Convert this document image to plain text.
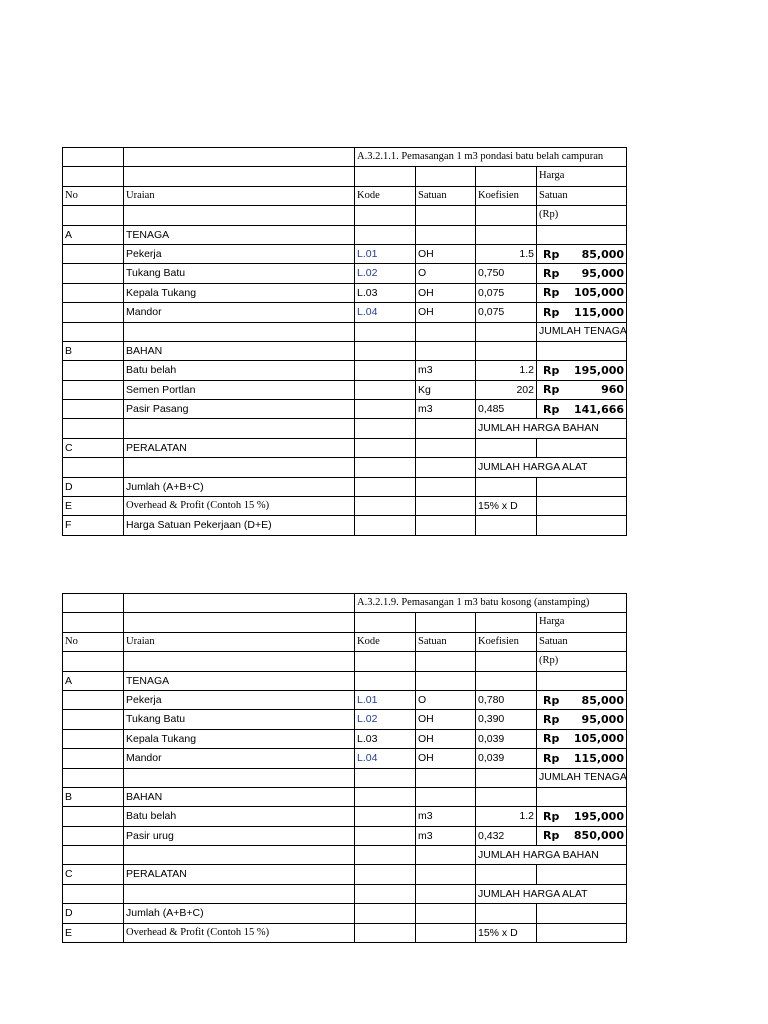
		A.3.2.1.1. Pemasangan 1 m3 pondasi batu belah campuran			
					Harga
No	Uraian	Kode	Satuan	Koefisien	Satuan
					(Rp)
A	TENAGA				
	Pekerja	L.01	OH	1.5	Rp 85,000

	Tukang Batu	L.02	O	0,750	Rp 95,000

	Kepala Tukang	L.03	OH	0,075	Rp 105,000

	Mandor	L.04	OH	0,075	Rp 115,000

					JUMLAH TENAGA
B	BAHAN				
	Batu belah		m3	1.2	Rp 195,000

	Semen Portlan		Kg	202	Rp 960

	Pasir Pasang		m3	0,485	Rp 141,666

				JUMLAH HARGA BAHAN	
C	PERALATAN				
				JUMLAH HARGA ALAT	
D	Jumlah (A+B+C)				
E	Overhead & Profit (Contoh 15 %)			15% x D	
F	Harga Satuan Pekerjaan (D+E)				
		A.3.2.1.9. Pemasangan 1 m3 batu kosong (anstamping)			
					Harga
No	Uraian	Kode	Satuan	Koefisien	Satuan
					(Rp)
A	TENAGA				
	Pekerja	L.01	O	0,780	Rp 85,000

	Tukang Batu	L.02	OH	0,390	Rp 95,000

	Kepala Tukang	L.03	OH	0,039	Rp 105,000

	Mandor	L.04	OH	0,039	Rp 115,000

					JUMLAH TENAGA
B	BAHAN				
	Batu belah		m3	1.2	Rp 195,000

	Pasir urug		m3	0,432	Rp 850,000

				JUMLAH HARGA BAHAN	
C	PERALATAN				
				JUMLAH HARGA ALAT	
D	Jumlah (A+B+C)				
E	Overhead & Profit (Contoh 15 %)			15% x D	
